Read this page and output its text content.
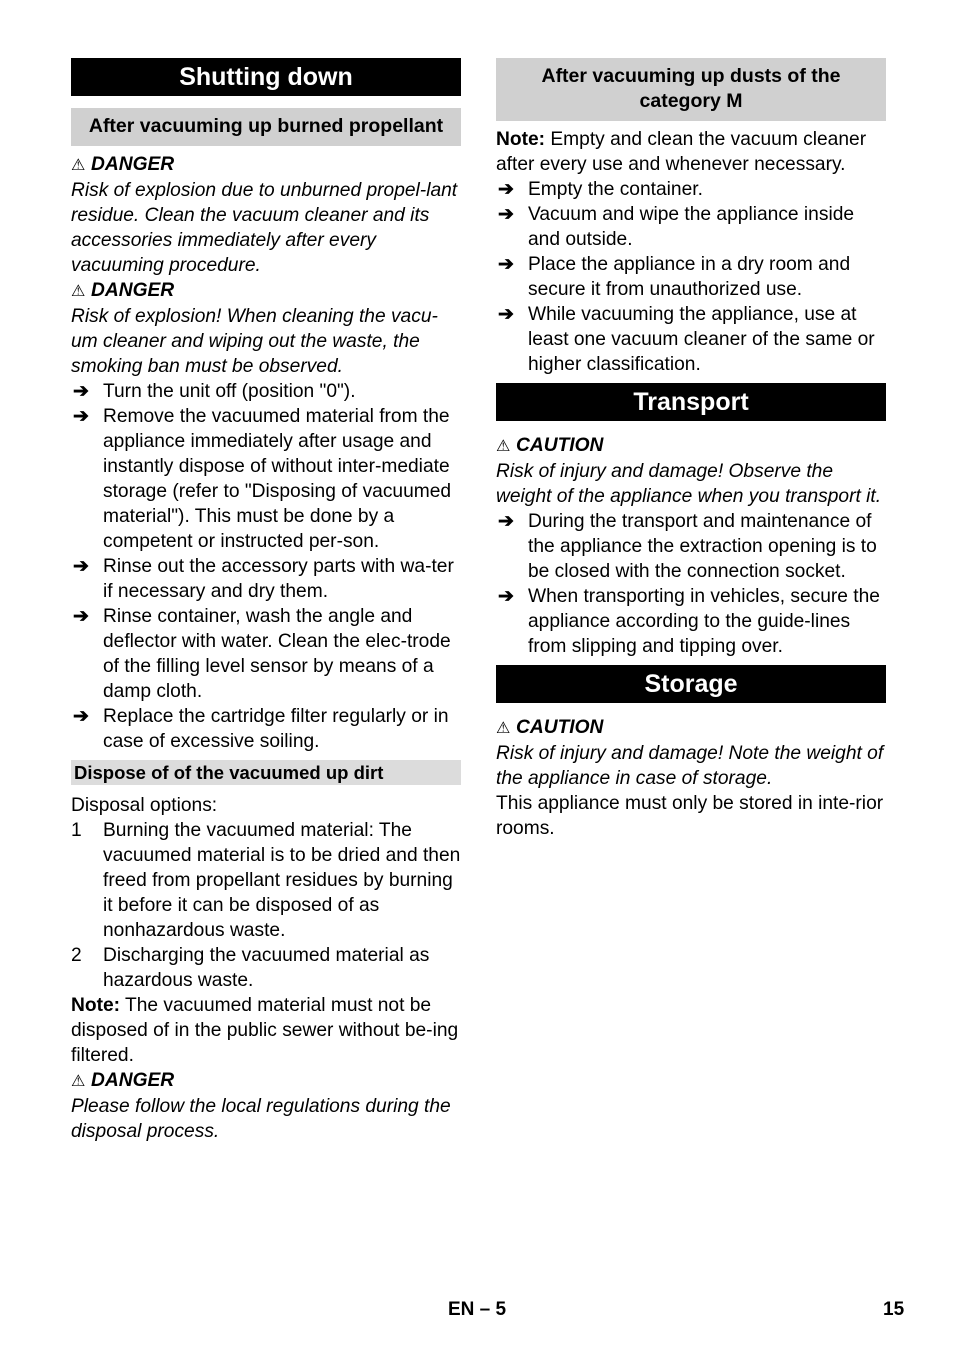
Shutting down
After vacuuming up burned propellant
⚠ DANGER

Risk of explosion due to unburned propel-lant residue. Clean the vacuum cleaner and its accessories immediately after every vacuuming procedure.

⚠ DANGER

Risk of explosion! When cleaning the vacu-um cleaner and wiping out the waste, the smoking ban must be observed.

➔ Turn the unit off (position "0").
➔ Remove the vacuumed material from the appliance immediately after usage and instantly dispose of without inter-mediate storage (refer to "Disposing of vacuumed material"). This must be done by a competent or instructed per-son.
➔ Rinse out the accessory parts with wa-ter if necessary and dry them.
➔ Rinse container, wash the angle and deflector with water. Clean the elec-trode of the filling level sensor by means of a damp cloth.
➔ Replace the cartridge filter regularly or in case of excessive soiling.
Dispose of of the vacuumed up dirt

Disposal options:

1 Burning the vacuumed material: The vacuumed material is to be dried and then freed from propellant residues by burning it before it can be disposed of as nonhazardous waste.
2 Discharging the vacuumed material as hazardous waste.

Note: The vacuumed material must not be disposed of in the public sewer without be-ing filtered.

⚠ DANGER

Please follow the local regulations during the disposal process.

After vacuuming up dusts of the category M

Note: Empty and clean the vacuum cleaner after every use and whenever necessary.

➔ Empty the container.
➔ Vacuum and wipe the appliance inside and outside.
➔ Place the appliance in a dry room and secure it from unauthorized use.
➔ While vacuuming the appliance, use at least one vacuum cleaner of the same or higher classification.
Transport
⚠ CAUTION

Risk of injury and damage! Observe the weight of the appliance when you transport it.

➔ During the transport and maintenance of the appliance the extraction opening is to be closed with the connection socket.
➔ When transporting in vehicles, secure the appliance according to the guide-lines from slipping and tipping over.
Storage
⚠ CAUTION

Risk of injury and damage! Note the weight of the appliance in case of storage.

This appliance must only be stored in inte-rior rooms.

EN – 5	15
